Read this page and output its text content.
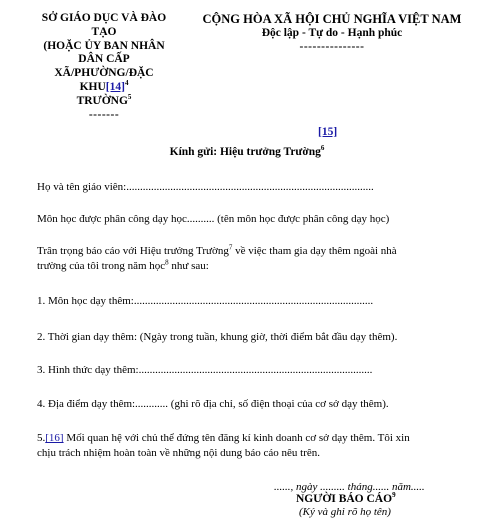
SỞ GIÁO DỤC VÀ ĐÀO TẠO
(HOẶC ỦY BAN NHÂN DÂN CẤP
XÃ/PHƯỜNG/ĐẶC $KHU[14]^4$
TRƯỜNG$^5$
-------
CỘNG HÒA XÃ HỘI CHỦ NGHĨA VIỆT NAM
Độc lập - Tự do - Hạnh phúc
---------------
[15]
Kính gửi: Hiệu trưởng Trường$^6$
Họ và tên giáo viên:..........................................................................................
Môn học được phân công dạy học.......... (tên môn học được phân công dạy học)
Trân trọng báo cáo với Hiệu trưởng Trường$^7$ về việc tham gia dạy thêm ngoài nhà
trường của tôi trong năm học$^8$ như sau:
1. Môn học dạy thêm:.......................................................................................
2. Thời gian dạy thêm: (Ngày trong tuần, khung giờ, thời điểm bắt đầu dạy thêm).
3. Hình thức dạy thêm:.....................................................................................
4. Địa điểm dạy thêm:............ (ghi rõ địa chỉ, số điện thoại của cơ sở dạy thêm).
5.[16] Mối quan hệ với chủ thể đứng tên đăng kí kinh doanh cơ sở dạy thêm. Tôi xin
chịu trách nhiệm hoàn toàn về những nội dung báo cáo nêu trên.
......, ngày ......... tháng...... năm.....
NGƯỜI BÁO CÁO$^9$
(Ký và ghi rõ họ tên)
